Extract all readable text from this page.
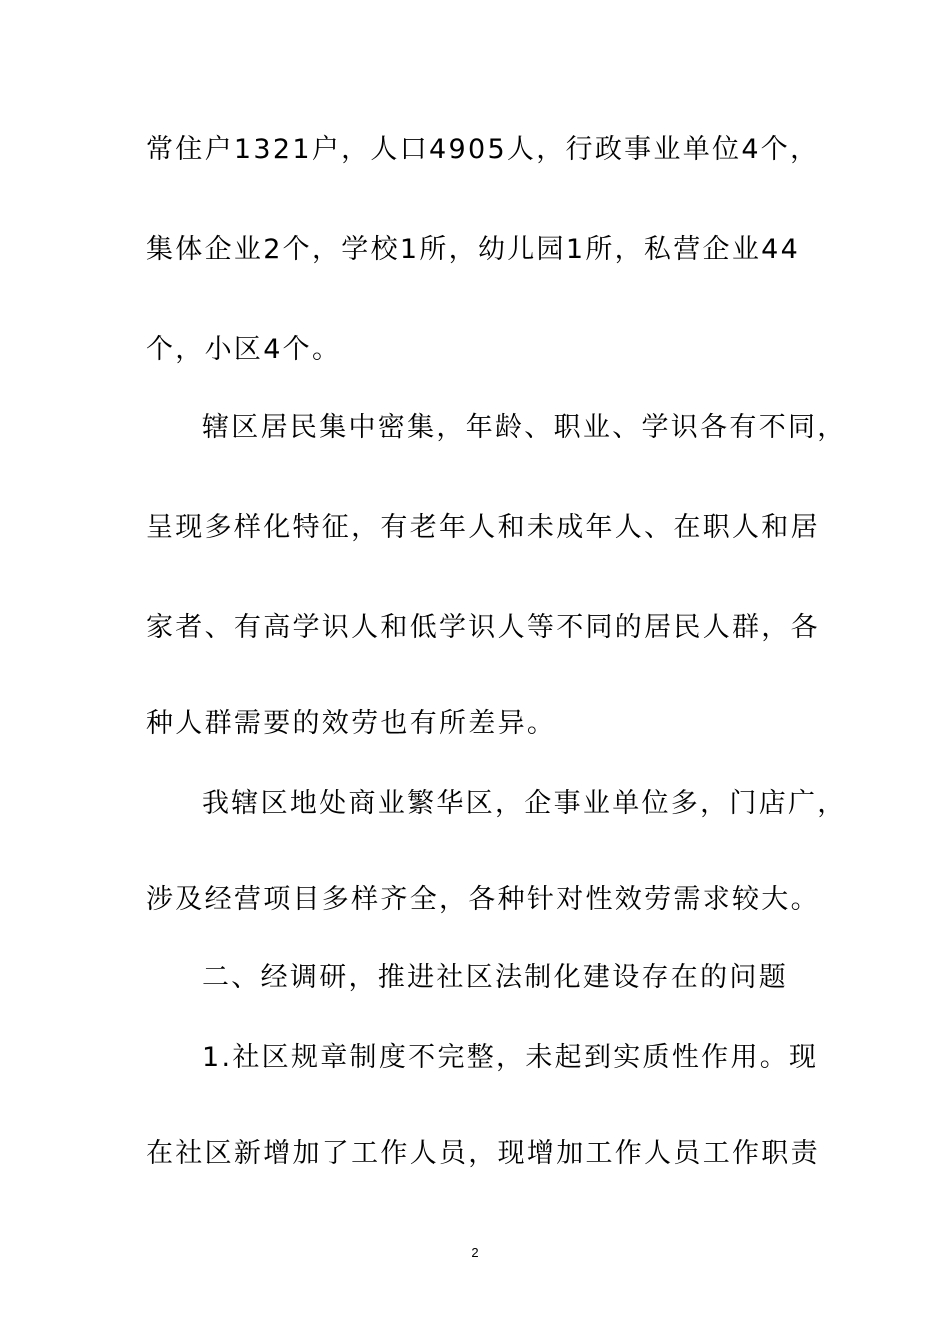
常住户1321户，人口4905人，行政事业单位4个，
集体企业2个，学校1所，幼儿园1所，私营企业44
个，小区4个。
辖区居民集中密集，年龄、职业、学识各有不同，
呈现多样化特征，有老年人和未成年人、在职人和居
家者、有高学识人和低学识人等不同的居民人群，各
种人群需要的效劳也有所差异。
我辖区地处商业繁华区，企事业单位多，门店广，
涉及经营项目多样齐全，各种针对性效劳需求较大。
二、经调研，推进社区法制化建设存在的问题
1.社区规章制度不完整，未起到实质性作用。现
在社区新增加了工作人员，现增加工作人员工作职责
2
